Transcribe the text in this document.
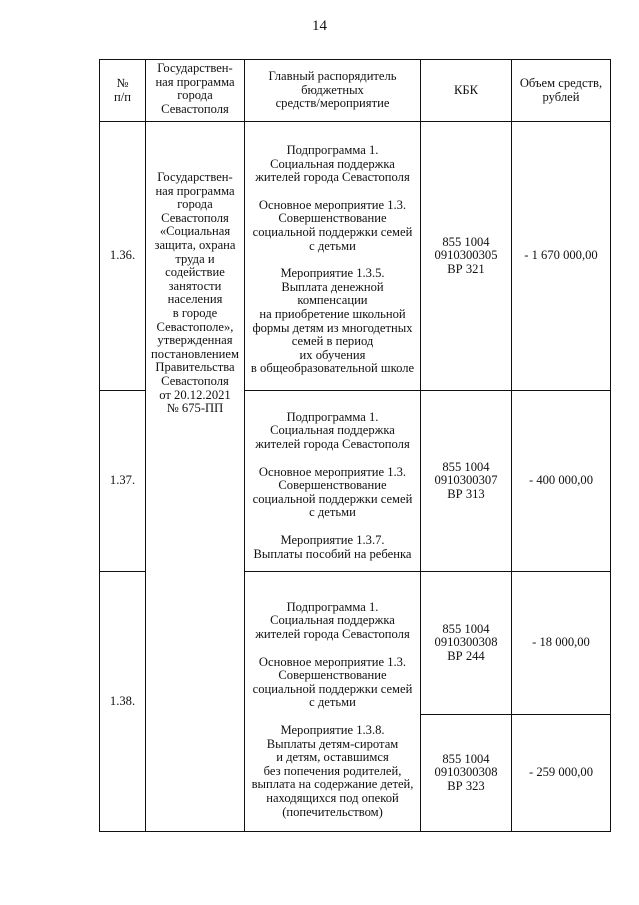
14
№
п/п
Государствен-
ная программа
города
Севастополя
Главный распорядитель
бюджетных
средств/мероприятие
КБК	Объем средств,
рублей
Государствен-
ная программа
города
Севастополя
«Социальная
защита, охрана
труда и
содействие
занятости
населения
в городе
Севастополе»,
утвержденная
постановлением
Правительства
Севастополя
от 20.12.2021
№ 675-ПП
1.36.
Подпрограмма 1.
Социальная поддержка
жителей города Севастополя
Основное мероприятие 1.3.
Совершенствование
социальной поддержки семей
с детьми
Мероприятие 1.3.5.
Выплата денежной
компенсации
на приобретение школьной
формы детям из многодетных
семей в период
их обучения
в общеобразовательной школе
855 1004
0910300305
ВР 321
- 1 670 000,00
1.37.
Подпрограмма 1.
Социальная поддержка
жителей города Севастополя
Основное мероприятие 1.3.
Совершенствование
социальной поддержки семей
с детьми
Мероприятие 1.3.7.
Выплаты пособий на ребенка
855 1004
0910300307
ВР 313
- 400 000,00
1.38.
Подпрограмма 1.
Социальная поддержка
жителей города Севастополя
Основное мероприятие 1.3.
Совершенствование
социальной поддержки семей
с детьми
Мероприятие 1.3.8.
Выплаты детям-сиротам
и детям, оставшимся
без попечения родителей,
выплата на содержание детей,
находящихся под опекой
(попечительством)
855 1004
0910300308
ВР 244
- 18 000,00
855 1004
0910300308
ВР 323
- 259 000,00
